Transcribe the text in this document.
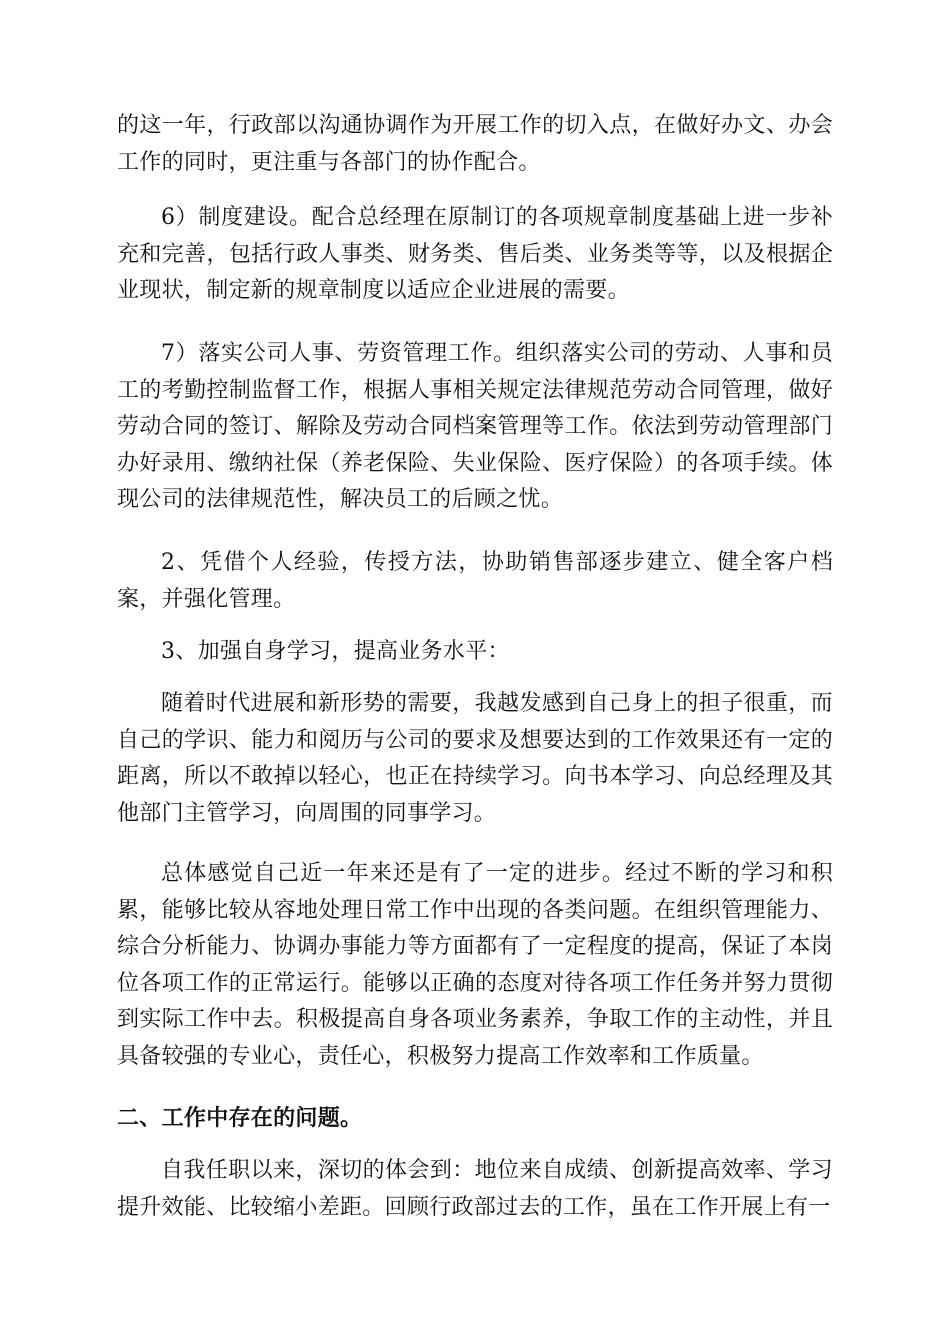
的这一年，行政部以沟通协调作为开展工作的切入点，在做好办文、办会工作的同时，更注重与各部门的协作配合。

6）制度建设。配合总经理在原制订的各项规章制度基础上进一步补充和完善，包括行政人事类、财务类、售后类、业务类等等，以及根据企业现状，制定新的规章制度以适应企业进展的需要。

7）落实公司人事、劳资管理工作。组织落实公司的劳动、人事和员工的考勤控制监督工作，根据人事相关规定法律规范劳动合同管理，做好劳动合同的签订、解除及劳动合同档案管理等工作。依法到劳动管理部门办好录用、缴纳社保（养老保险、失业保险、医疗保险）的各项手续。体现公司的法律规范性，解决员工的后顾之忧。

2、凭借个人经验，传授方法，协助销售部逐步建立、健全客户档案，并强化管理。

3、加强自身学习，提高业务水平：

随着时代进展和新形势的需要，我越发感到自己身上的担子很重，而自己的学识、能力和阅历与公司的要求及想要达到的工作效果还有一定的距离，所以不敢掉以轻心，也正在持续学习。向书本学习、向总经理及其他部门主管学习，向周围的同事学习。

总体感觉自己近一年来还是有了一定的进步。经过不断的学习和积累，能够比较从容地处理日常工作中出现的各类问题。在组织管理能力、综合分析能力、协调办事能力等方面都有了一定程度的提高，保证了本岗位各项工作的正常运行。能够以正确的态度对待各项工作任务并努力贯彻到实际工作中去。积极提高自身各项业务素养，争取工作的主动性，并且具备较强的专业心，责任心，积极努力提高工作效率和工作质量。

二、工作中存在的问题。

自我任职以来，深切的体会到：地位来自成绩、创新提高效率、学习提升效能、比较缩小差距。回顾行政部过去的工作，虽在工作开展上有一
